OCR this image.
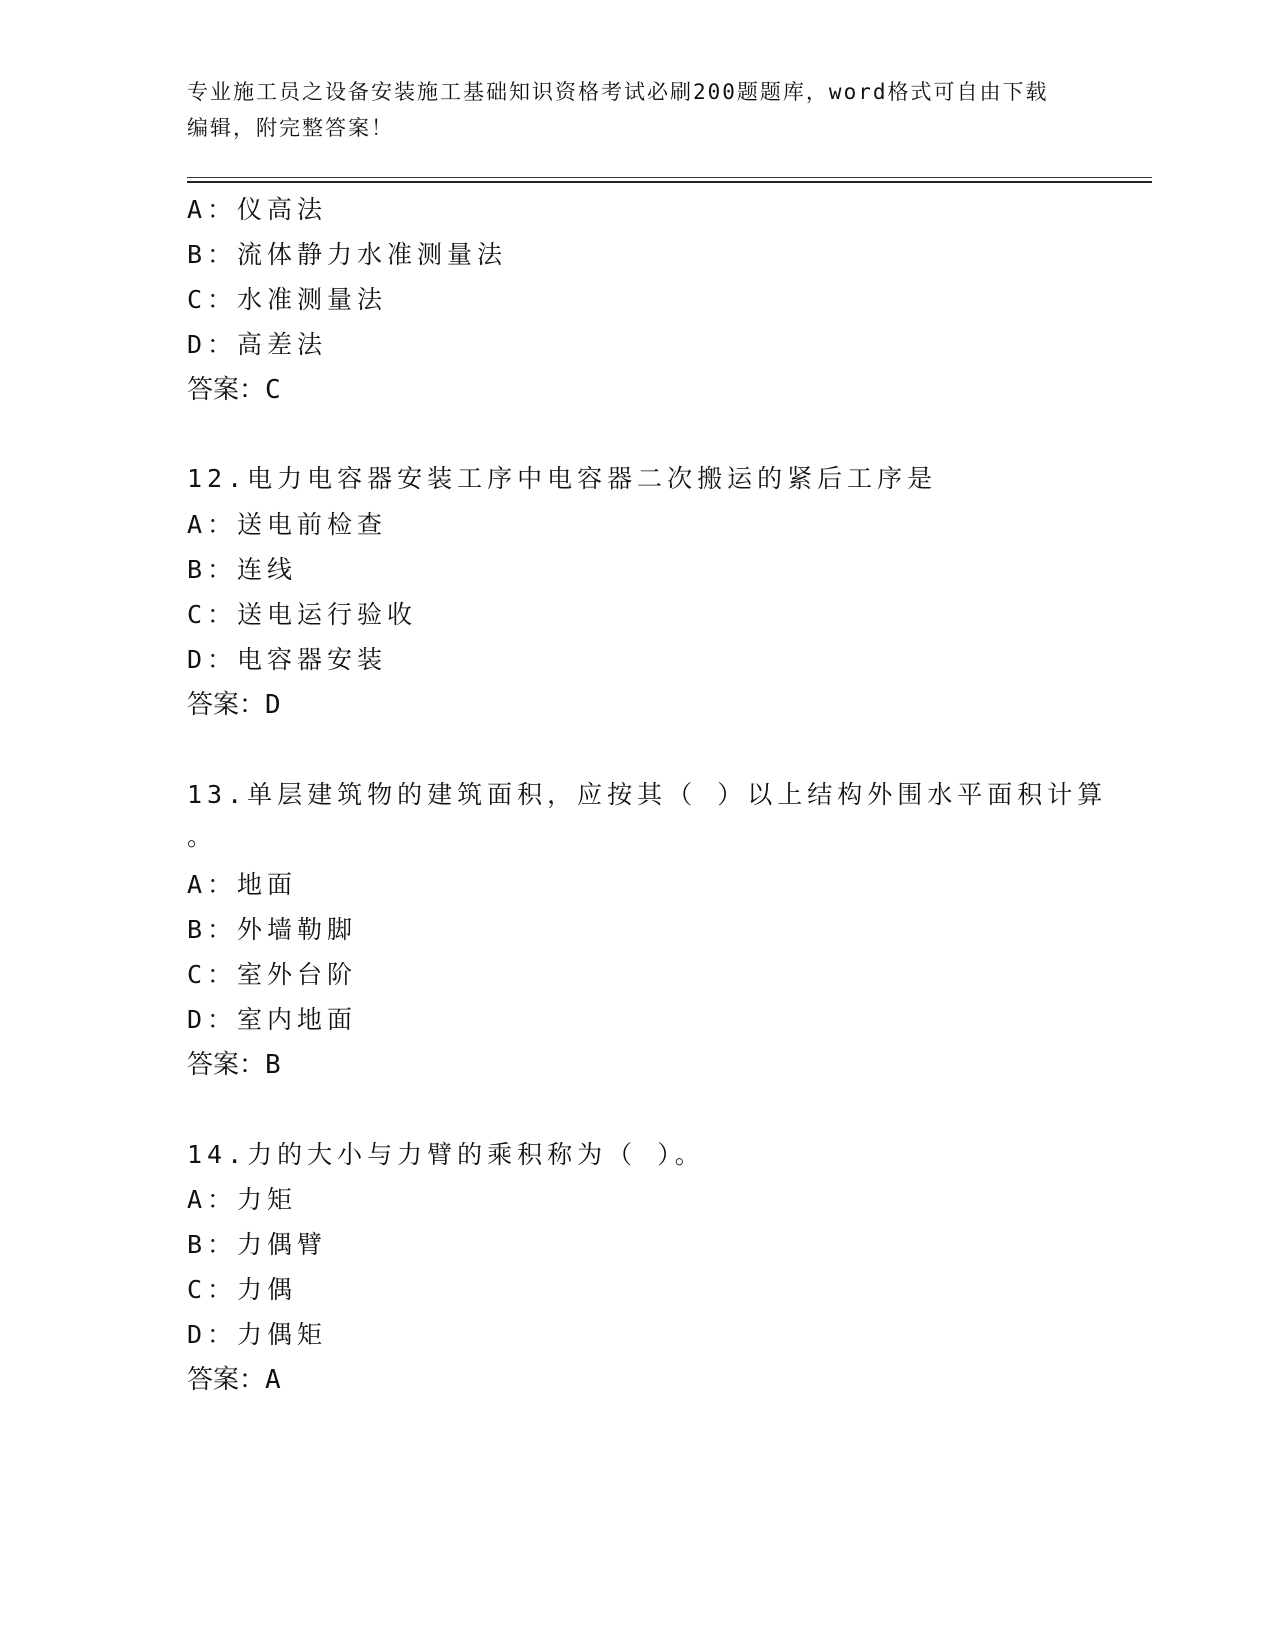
专业施工员之设备安装施工基础知识资格考试必刷200题题库，word格式可自由下载编辑，附完整答案！
A：仪高法
B：流体静力水准测量法
C：水准测量法
D：高差法
答案：C
12.电力电容器安装工序中电容器二次搬运的紧后工序是
A：送电前检查
B：连线
C：送电运行验收
D：电容器安装
答案：D
13.单层建筑物的建筑面积，应按其（ ）以上结构外围水平面积计算
。
A：地面
B：外墙勒脚
C：室外台阶
D：室内地面
答案：B
14.力的大小与力臂的乘积称为（ ）。
A：力矩
B：力偶臂
C：力偶
D：力偶矩
答案：A
